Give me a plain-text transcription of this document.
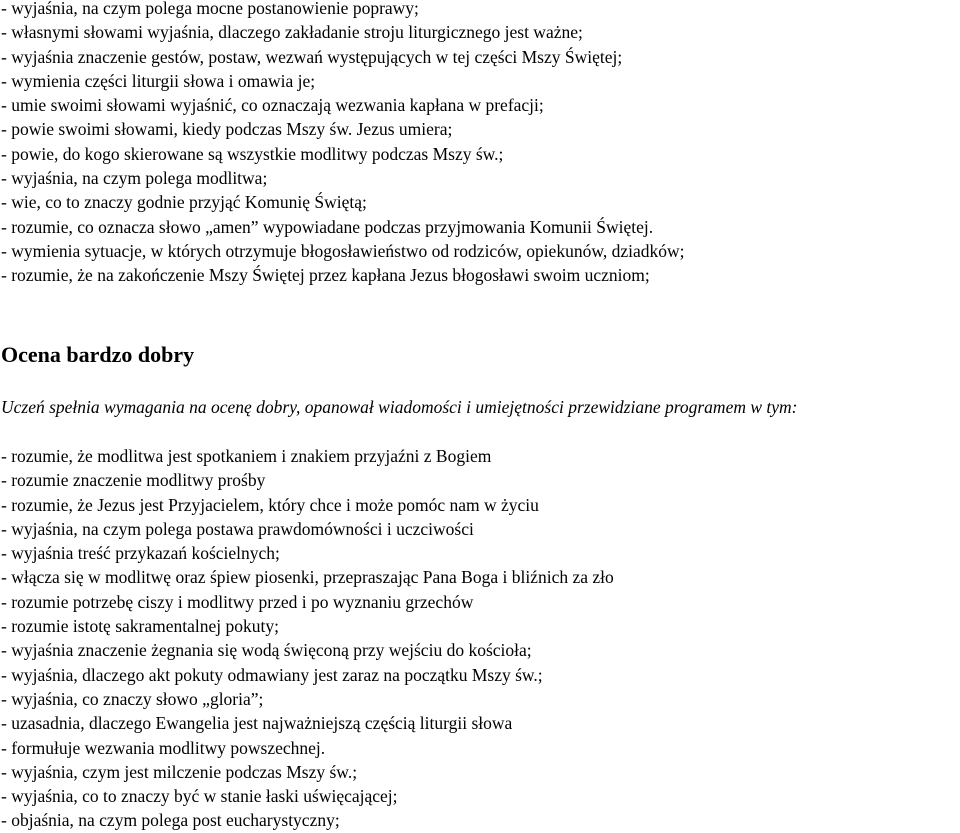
- wyjaśnia, na czym polega mocne postanowienie poprawy;
- własnymi słowami wyjaśnia, dlaczego zakładanie stroju liturgicznego jest ważne;
- wyjaśnia znaczenie gestów, postaw, wezwań występujących w tej części Mszy Świętej;
- wymienia części liturgii słowa i omawia je;
- umie swoimi słowami wyjaśnić, co oznaczają wezwania kapłana w prefacji;
- powie swoimi słowami, kiedy podczas Mszy św. Jezus umiera;
- powie, do kogo skierowane są wszystkie modlitwy podczas Mszy św.;
- wyjaśnia, na czym polega modlitwa;
- wie, co to znaczy godnie przyjąć Komunię Świętą;
- rozumie, co oznacza słowo „amen” wypowiadane podczas przyjmowania Komunii Świętej.
- wymienia sytuacje, w których otrzymuje błogosławieństwo od rodziców, opiekunów, dziadków;
- rozumie, że na zakończenie Mszy Świętej przez kapłana Jezus błogosławi swoim uczniom;
Ocena bardzo dobry

Uczeń spełnia wymagania na ocenę dobry, opanował wiadomości i umiejętności przewidziane programem w tym:

- rozumie, że modlitwa jest spotkaniem i znakiem przyjaźni z Bogiem
- rozumie znaczenie modlitwy prośby
- rozumie, że Jezus jest Przyjacielem, który chce i może pomóc nam w życiu
- wyjaśnia, na czym polega postawa prawdomówności i uczciwości
- wyjaśnia treść przykazań kościelnych;
- włącza się w modlitwę oraz śpiew piosenki, przepraszając Pana Boga i bliźnich za zło
- rozumie potrzebę ciszy i modlitwy przed i po wyznaniu grzechów
- rozumie istotę sakramentalnej pokuty;
- wyjaśnia znaczenie żegnania się wodą święconą przy wejściu do kościoła;
- wyjaśnia, dlaczego akt pokuty odmawiany jest zaraz na początku Mszy św.;
- wyjaśnia, co znaczy słowo „gloria”;
- uzasadnia, dlaczego Ewangelia jest najważniejszą częścią liturgii słowa
- formułuje wezwania modlitwy powszechnej.
- wyjaśnia, czym jest milczenie podczas Mszy św.;
- wyjaśnia, co to znaczy być w stanie łaski uświęcającej;
- objaśnia, na czym polega post eucharystyczny;
